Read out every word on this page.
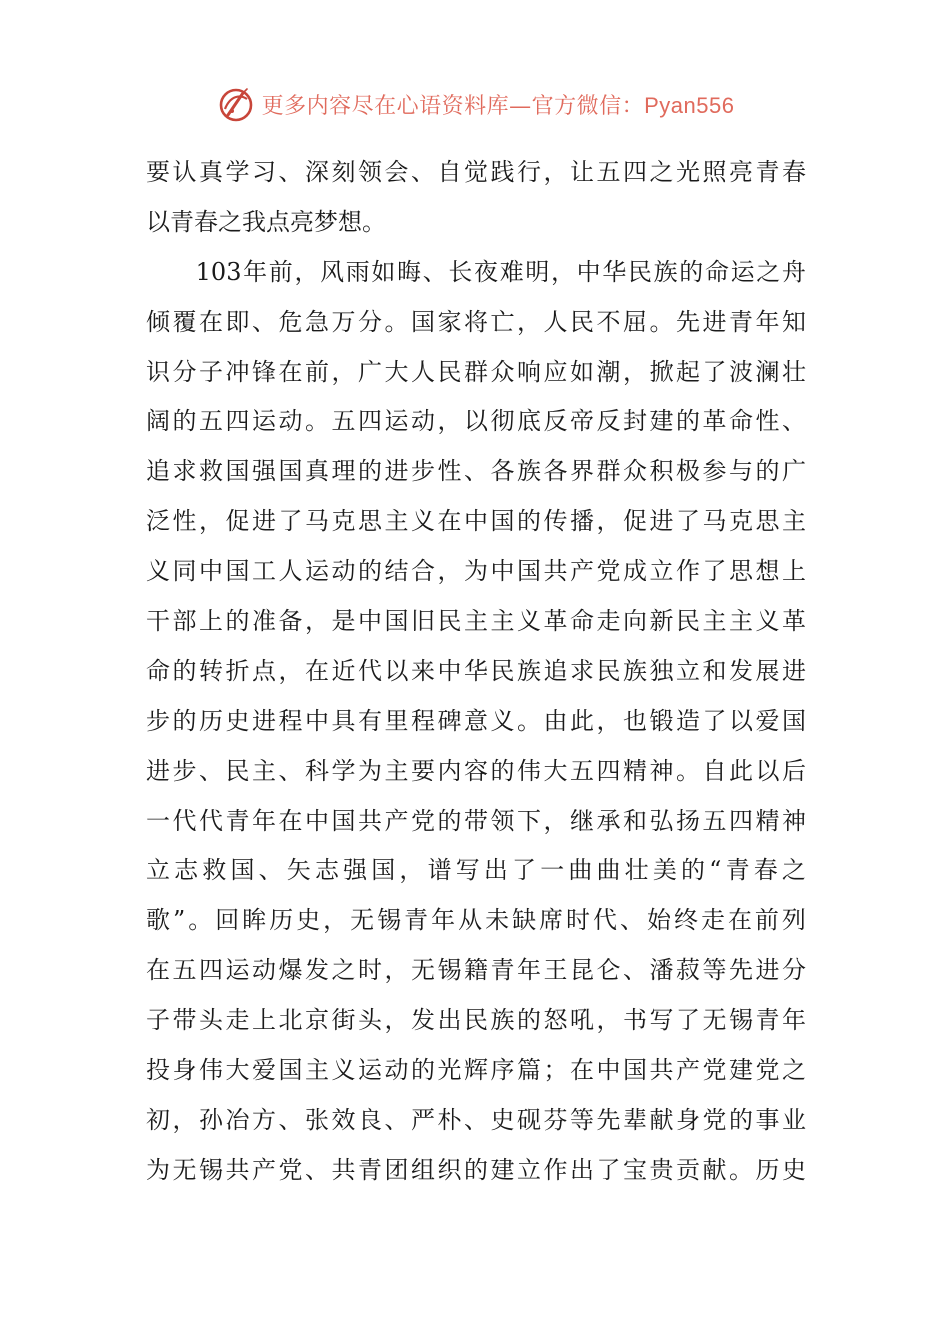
更多内容尽在心语资料库—官方微信：Pyan556
要 认 真 学 习 、 深 刻 领 会 、 自 觉 践 行 ， 让 五 四 之 光 照 亮 青 春
以 青 春 之 我 点 亮 梦 想 。
103 年 前 ， 风 雨 如 晦 、 长 夜 难 明 ， 中 华 民 族 的 命 运 之 舟
倾 覆 在 即 、 危 急 万 分 。 国 家 将 亡 ， 人 民 不 屈 。 先 进 青 年 知
识 分 子 冲 锋 在 前 ， 广 大 人 民 群 众 响 应 如 潮 ， 掀 起 了 波 澜 壮
阔 的 五 四 运 动 。 五 四 运 动 ， 以 彻 底 反 帝 反 封 建 的 革 命 性 、
追 求 救 国 强 国 真 理 的 进 步 性 、 各 族 各 界 群 众 积 极 参 与 的 广
泛 性 ， 促 进 了 马 克 思 主 义 在 中 国 的 传 播 ， 促 进 了 马 克 思 主
义 同 中 国 工 人 运 动 的 结 合 ， 为 中 国 共 产 党 成 立 作 了 思 想 上
干 部 上 的 准 备 ， 是 中 国 旧 民 主 主 义 革 命 走 向 新 民 主 主 义 革
命 的 转 折 点 ， 在 近 代 以 来 中 华 民 族 追 求 民 族 独 立 和 发 展 进
步 的 历 史 进 程 中 具 有 里 程 碑 意 义 。 由 此 ， 也 锻 造 了 以 爱 国
进 步 、 民 主 、 科 学 为 主 要 内 容 的 伟 大 五 四 精 神 。 自 此 以 后
一 代 代 青 年 在 中 国 共 产 党 的 带 领 下 ， 继 承 和 弘 扬 五 四 精 神
立 志 救 国 、 矢 志 强 国 ， 谱 写 出 了 一 曲 曲 壮 美 的 “ 青 春 之
歌 ” 。 回 眸 历 史 ， 无 锡 青 年 从 未 缺 席 时 代 、 始 终 走 在 前 列
在 五 四 运 动 爆 发 之 时 ， 无 锡 籍 青 年 王 昆 仑 、 潘 菽 等 先 进 分
子 带 头 走 上 北 京 街 头 ， 发 出 民 族 的 怒 吼 ， 书 写 了 无 锡 青 年
投 身 伟 大 爱 国 主 义 运 动 的 光 辉 序 篇 ； 在 中 国 共 产 党 建 党 之
初 ， 孙 冶 方 、 张 效 良 、 严 朴 、 史 砚 芬 等 先 辈 献 身 党 的 事 业
为 无 锡 共 产 党 、 共 青 团 组 织 的 建 立 作 出 了 宝 贵 贡 献 。 历 史
